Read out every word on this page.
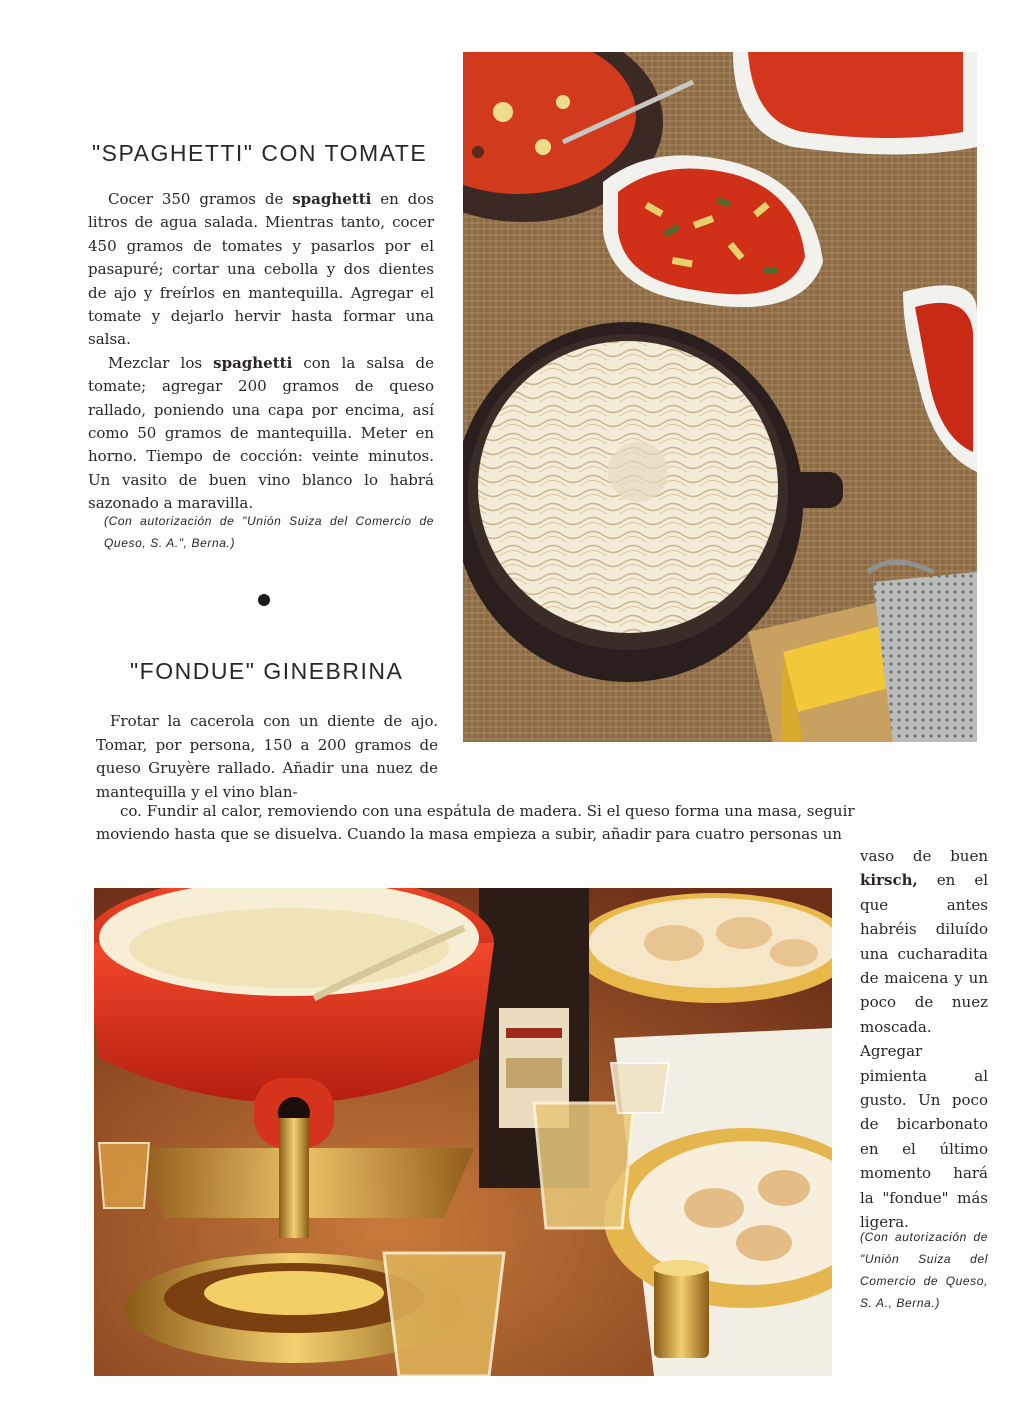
"SPAGHETTI" CON TOMATE

Cocer 350 gramos de spaghetti en dos litros de agua salada. Mientras tanto, cocer 450 gramos de tomates y pasarlos por el pasapuré; cortar una cebolla y dos dientes de ajo y freírlos en mantequilla. Agregar el tomate y dejarlo hervir hasta formar una salsa.

Mezclar los spaghetti con la salsa de tomate; agregar 200 gramos de queso rallado, poniendo una capa por encima, así como 50 gramos de mantequilla. Meter en horno. Tiempo de cocción: veinte minutos. Un vasito de buen vino blanco lo habrá sazonado a maravilla.

(Con autorización de "Unión Suiza del Comercio de Queso, S. A.", Berna.)

"FONDUE" GINEBRINA

Frotar la cacerola con un diente de ajo. Tomar, por persona, 150 a 200 gramos de queso Gruyère rallado. Añadir una nuez de mantequilla y el vino blan-

co. Fundir al calor, removiendo con una espátula de madera. Si el queso forma una masa, seguir
moviendo hasta que se disuelva. Cuando la masa empieza a subir, añadir para cuatro personas un

vaso de buen kirsch, en el que antes habréis diluído una cucharadita de maicena y un poco de nuez moscada. Agregar pimienta al gusto. Un poco de bicarbonato en el último momento hará la "fondue" más ligera.

(Con autorización de "Unión Suiza del Comercio de Queso, S. A., Berna.)
